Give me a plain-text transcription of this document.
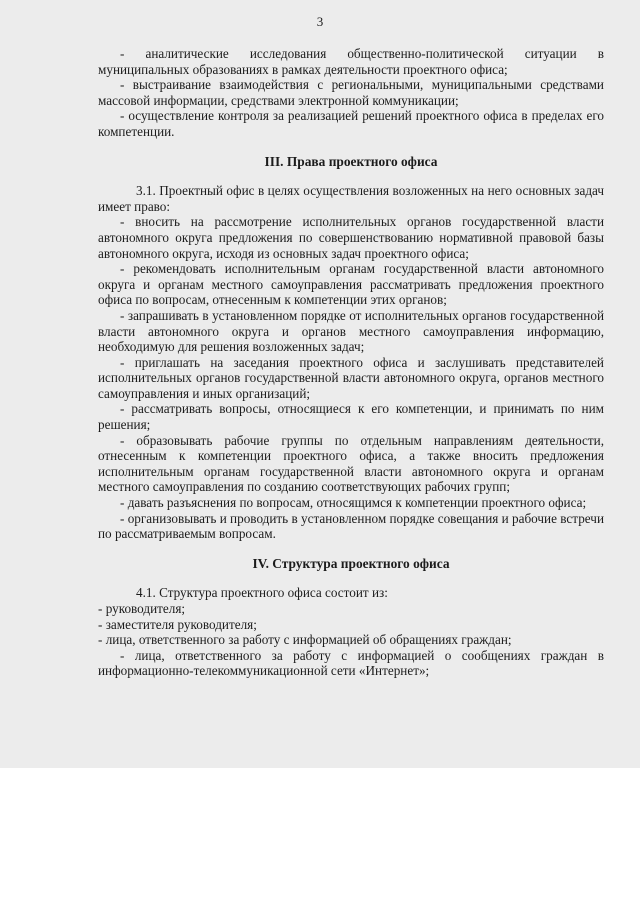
3

- аналитические исследования общественно-политической ситуации в муниципальных образованиях в рамках деятельности проектного офиса;

- выстраивание взаимодействия с региональными, муниципальными средствами массовой информации, средствами электронной коммуникации;

- осуществление контроля за реализацией решений проектного офиса в пределах его компетенции.

III. Права проектного офиса

3.1. Проектный офис в целях осуществления возложенных на него основных задач имеет право:

- вносить на рассмотрение исполнительных органов государственной власти автономного округа предложения по совершенствованию нормативной правовой базы автономного округа, исходя из основных задач проектного офиса;

- рекомендовать исполнительным органам государственной власти автономного округа и органам местного самоуправления рассматривать предложения проектного офиса по вопросам, отнесенным к компетенции этих органов;

- запрашивать в установленном порядке от исполнительных органов государственной власти автономного округа и органов местного самоуправления информацию, необходимую для решения возложенных задач;

- приглашать на заседания проектного офиса и заслушивать представителей исполнительных органов государственной власти автономного округа, органов местного самоуправления и иных организаций;

- рассматривать вопросы, относящиеся к его компетенции, и принимать по ним решения;

- образовывать рабочие группы по отдельным направлениям деятельности, отнесенным к компетенции проектного офиса, а также вносить предложения исполнительным органам государственной власти автономного округа и органам местного самоуправления по созданию соответствующих рабочих групп;

- давать разъяснения по вопросам, относящимся к компетенции проектного офиса;

- организовывать и проводить в установленном порядке совещания и рабочие встречи по рассматриваемым вопросам.

IV. Структура проектного офиса

4.1. Структура проектного офиса состоит из:

- руководителя;

- заместителя руководителя;

- лица, ответственного за работу с информацией об обращениях граждан;

- лица, ответственного за работу с информацией о сообщениях граждан в информационно-телекоммуникационной сети «Интернет»;
